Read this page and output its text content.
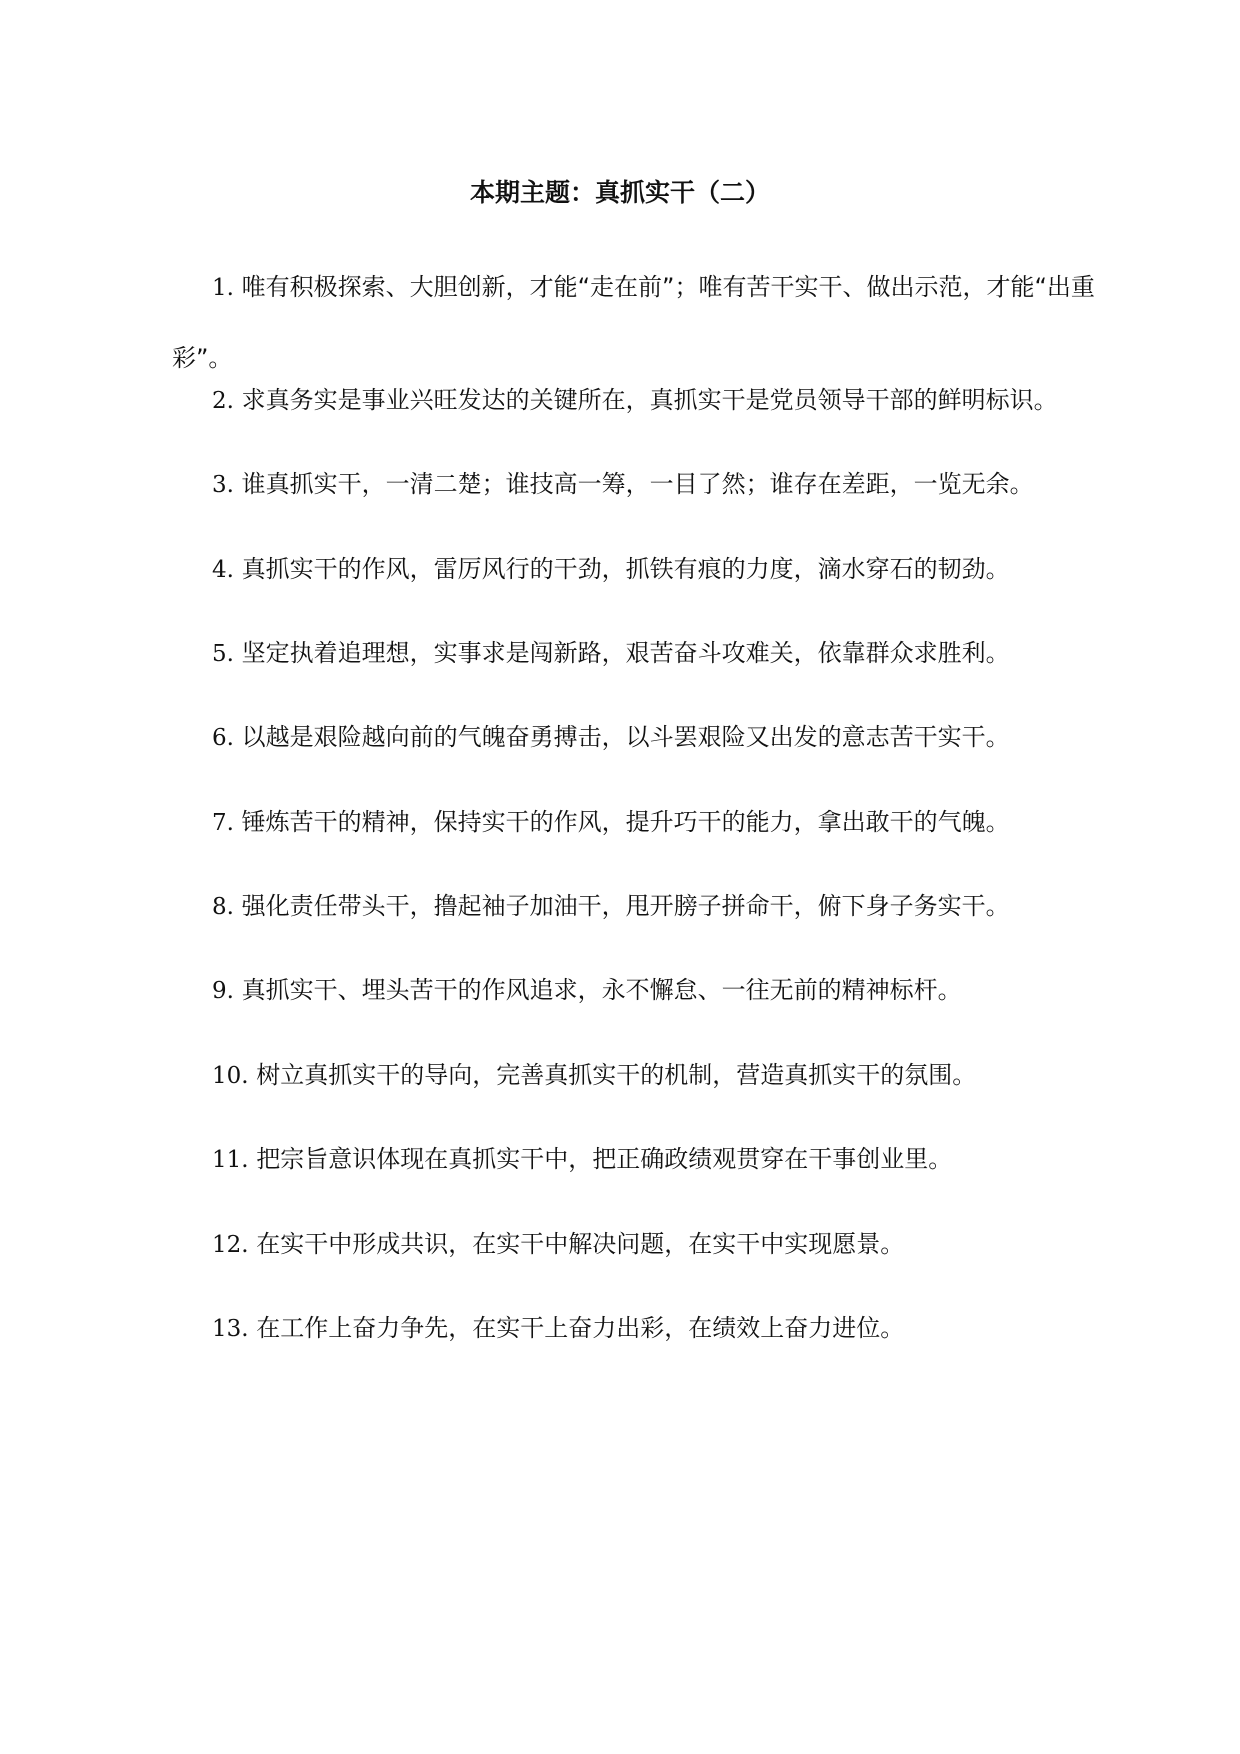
本期主题：真抓实干（二）
1. 唯有积极探索、大胆创新，才能“走在前”；唯有苦干实干、做出示范，才能“出重彩”。
2. 求真务实是事业兴旺发达的关键所在，真抓实干是党员领导干部的鲜明标识。
3. 谁真抓实干，一清二楚；谁技高一筹，一目了然；谁存在差距，一览无余。
4. 真抓实干的作风，雷厉风行的干劲，抓铁有痕的力度，滴水穿石的韧劲。
5. 坚定执着追理想，实事求是闯新路，艰苦奋斗攻难关，依靠群众求胜利。
6. 以越是艰险越向前的气魄奋勇搏击，以斗罢艰险又出发的意志苦干实干。
7. 锤炼苦干的精神，保持实干的作风，提升巧干的能力，拿出敢干的气魄。
8. 强化责任带头干，撸起袖子加油干，甩开膀子拼命干，俯下身子务实干。
9. 真抓实干、埋头苦干的作风追求，永不懈怠、一往无前的精神标杆。
10. 树立真抓实干的导向，完善真抓实干的机制，营造真抓实干的氛围。
11. 把宗旨意识体现在真抓实干中，把正确政绩观贯穿在干事创业里。
12. 在实干中形成共识，在实干中解决问题，在实干中实现愿景。
13. 在工作上奋力争先，在实干上奋力出彩，在绩效上奋力进位。
